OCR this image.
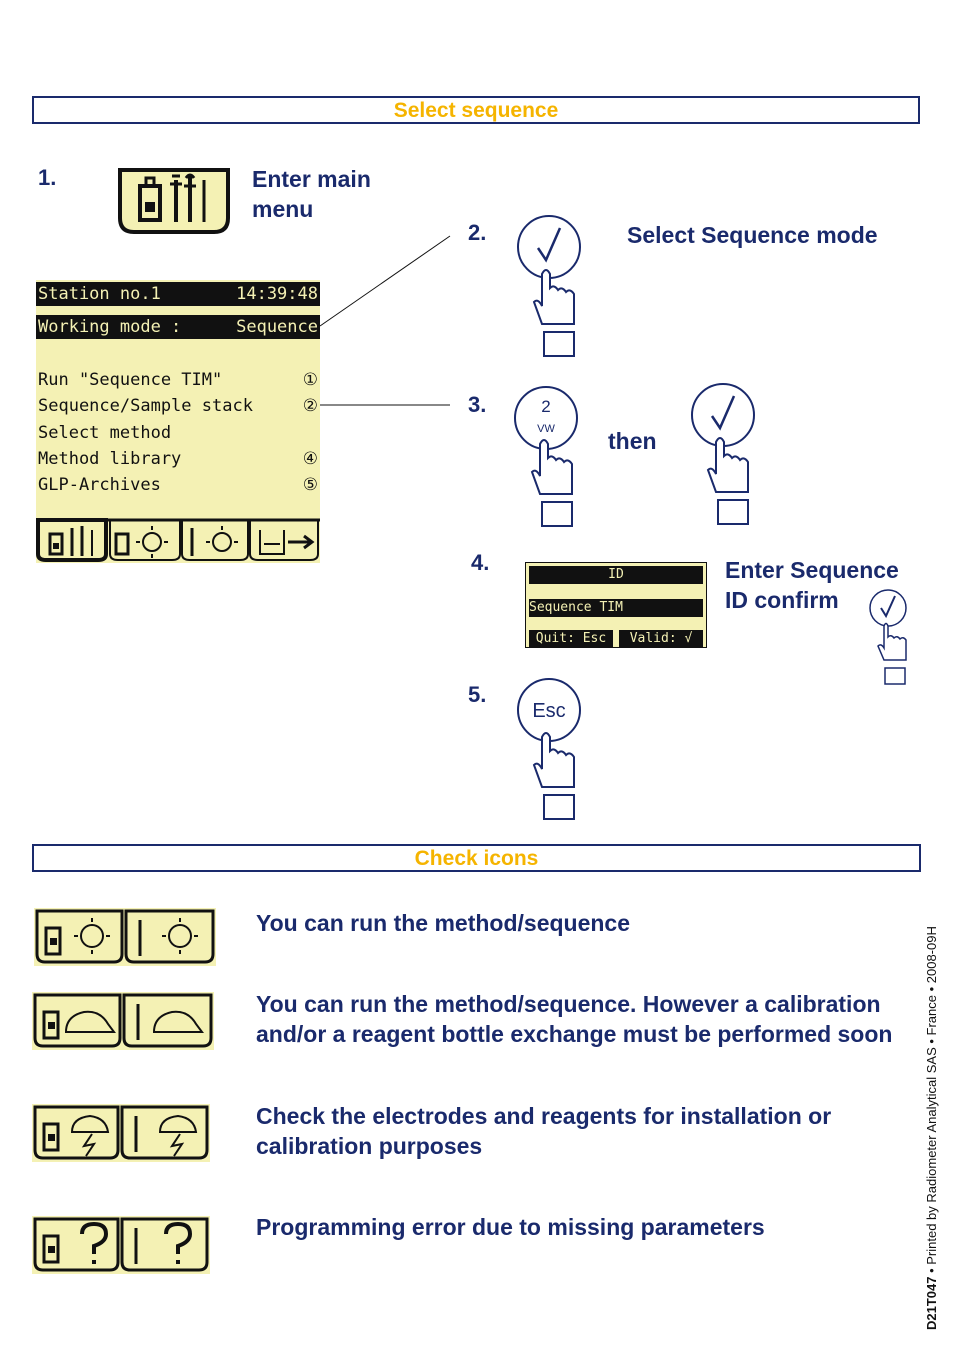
Select sequence
1.	Enter main
menu
Station no.1	14:39:48
Working mode :	Sequence
Run "Sequence TIM"	①
Sequence/Sample stack	②
Select method
Method library	④
GLP-Archives	⑤
2.	Select Sequence mode
3.	2
VW then
4.	ID
Sequence TIM
Quit: Esc	Valid: √
Enter Sequence
ID confirm
5.
Esc
Check icons
You can run the method/sequence
You can run the method/sequence. However a calibration
and/or a reagent bottle exchange must be performed soon
Check the electrodes and reagents for installation or
calibration purposes
Programming error due to missing parameters
D21T047 • Printed by Radiometer Analytical SAS • France • 2008-09H
